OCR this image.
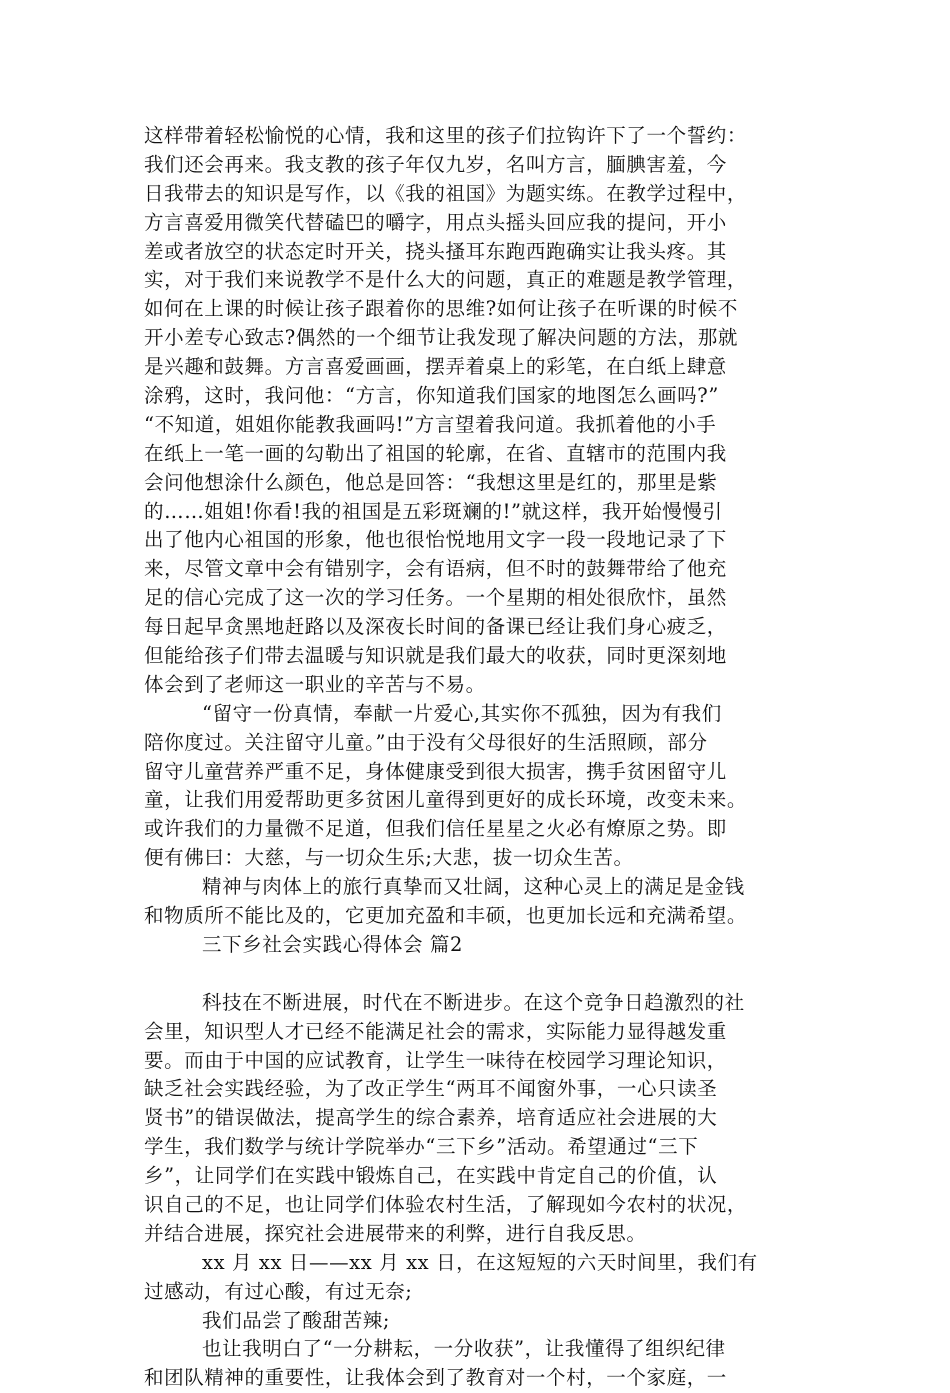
这样带着轻松愉悦的心情，我和这里的孩子们拉钩许下了一个誓约：
我们还会再来。我支教的孩子年仅九岁，名叫方言，腼腆害羞，今
日我带去的知识是写作，以《我的祖国》为题实练。在教学过程中，
方言喜爱用微笑代替磕巴的嚼字，用点头摇头回应我的提问，开小
差或者放空的状态定时开关，挠头搔耳东跑西跑确实让我头疼。其
实，对于我们来说教学不是什么大的问题，真正的难题是教学管理，
如何在上课的时候让孩子跟着你的思维?如何让孩子在听课的时候不
开小差专心致志?偶然的一个细节让我发现了解决问题的方法，那就
是兴趣和鼓舞。方言喜爱画画，摆弄着桌上的彩笔，在白纸上肆意
涂鸦，这时，我问他：“方言，你知道我们国家的地图怎么画吗?”
“不知道，姐姐你能教我画吗!”方言望着我问道。我抓着他的小手
在纸上一笔一画的勾勒出了祖国的轮廓，在省、直辖市的范围内我
会问他想涂什么颜色，他总是回答：“我想这里是红的，那里是紫
的……姐姐!你看!我的祖国是五彩斑斓的!”就这样，我开始慢慢引
出了他内心祖国的形象，他也很怡悦地用文字一段一段地记录了下
来，尽管文章中会有错别字，会有语病，但不时的鼓舞带给了他充
足的信心完成了这一次的学习任务。一个星期的相处很欣忭，虽然
每日起早贪黑地赶路以及深夜长时间的备课已经让我们身心疲乏，
但能给孩子们带去温暖与知识就是我们最大的收获，同时更深刻地
体会到了老师这一职业的辛苦与不易。
“留守一份真情，奉献一片爱心,其实你不孤独，因为有我们
陪你度过。关注留守儿童。”由于没有父母很好的生活照顾，部分
留守儿童营养严重不足，身体健康受到很大损害，携手贫困留守儿
童，让我们用爱帮助更多贫困儿童得到更好的成长环境，改变未来。
或许我们的力量微不足道，但我们信任星星之火必有燎原之势。即
便有佛曰：大慈，与一切众生乐;大悲，拔一切众生苦。
精神与肉体上的旅行真挚而又壮阔，这种心灵上的满足是金钱
和物质所不能比及的，它更加充盈和丰硕，也更加长远和充满希望。
三下乡社会实践心得体会 篇2
科技在不断进展，时代在不断进步。在这个竞争日趋激烈的社
会里，知识型人才已经不能满足社会的需求，实际能力显得越发重
要。而由于中国的应试教育，让学生一味待在校园学习理论知识，
缺乏社会实践经验，为了改正学生“两耳不闻窗外事，一心只读圣
贤书”的错误做法，提高学生的综合素养，培育适应社会进展的大
学生，我们数学与统计学院举办“三下乡”活动。希望通过“三下
乡”，让同学们在实践中锻炼自己，在实践中肯定自己的价值，认
识自己的不足，也让同学们体验农村生活，了解现如今农村的状况，
并结合进展，探究社会进展带来的利弊，进行自我反思。
xx 月 xx 日——xx 月 xx 日，在这短短的六天时间里，我们有
过感动，有过心酸，有过无奈;
我们品尝了酸甜苦辣;
也让我明白了“一分耕耘，一分收获”，让我懂得了组织纪律
和团队精神的重要性，让我体会到了教育对一个村，一个家庭，一
